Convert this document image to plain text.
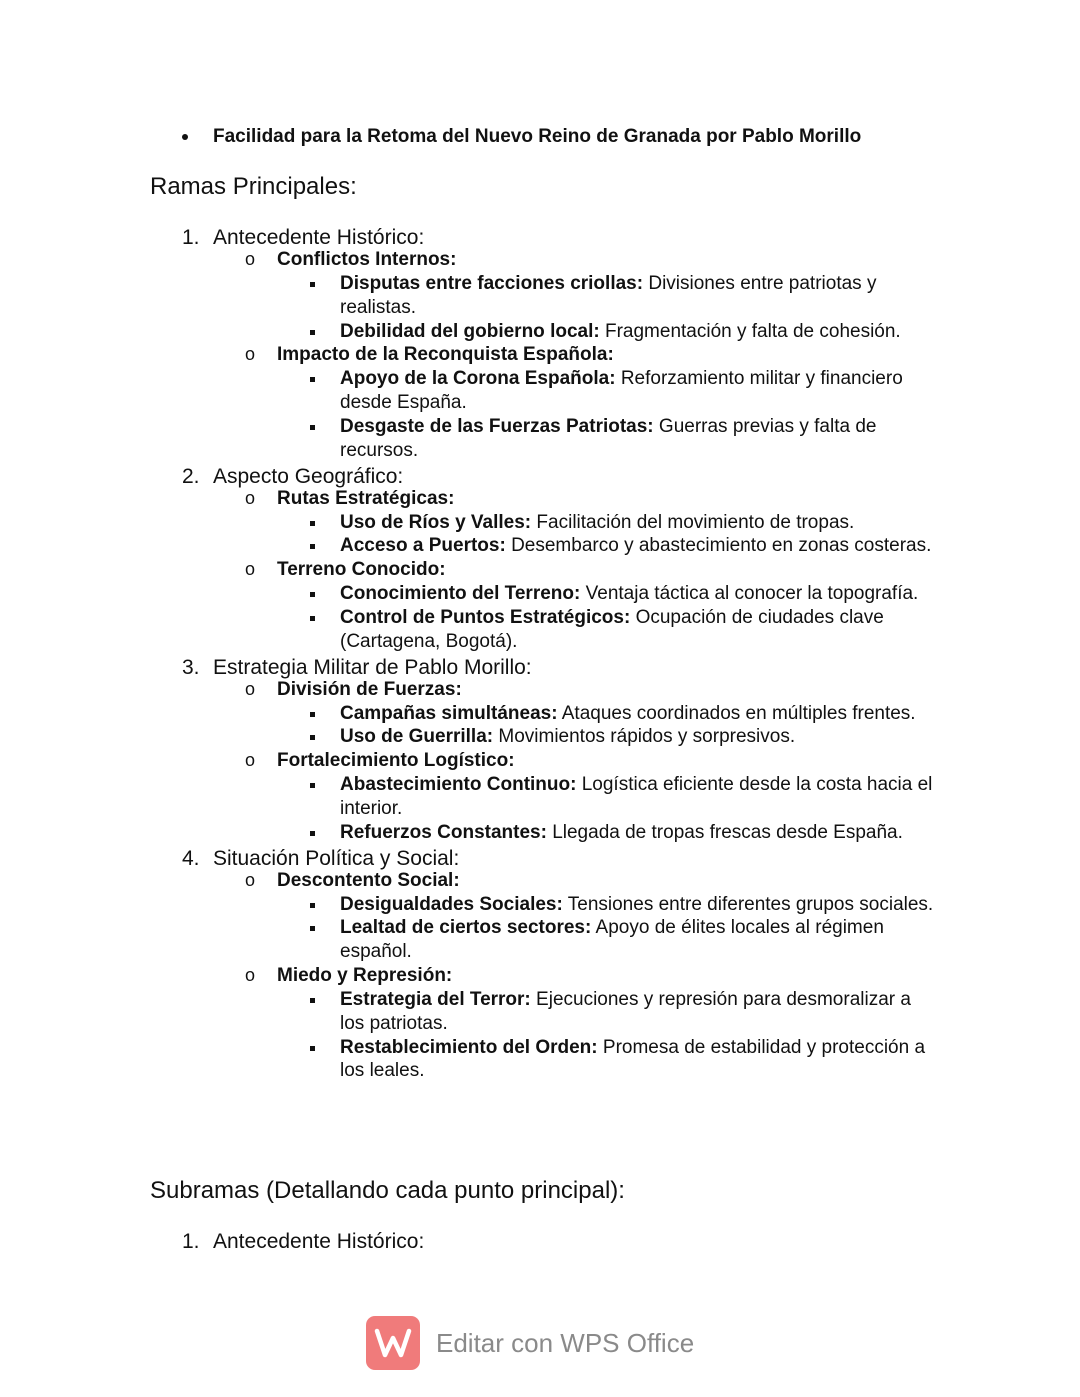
Facilidad para la Retoma del Nuevo Reino de Granada por Pablo Morillo
Ramas Principales:
1. Antecedente Histórico:
o Conflictos Internos:
Disputas entre facciones criollas: Divisiones entre patriotas y realistas.
Debilidad del gobierno local: Fragmentación y falta de cohesión.
o Impacto de la Reconquista Española:
Apoyo de la Corona Española: Reforzamiento militar y financiero desde España.
Desgaste de las Fuerzas Patriotas: Guerras previas y falta de recursos.
2. Aspecto Geográfico:
o Rutas Estratégicas:
Uso de Ríos y Valles: Facilitación del movimiento de tropas.
Acceso a Puertos: Desembarco y abastecimiento en zonas costeras.
o Terreno Conocido:
Conocimiento del Terreno: Ventaja táctica al conocer la topografía.
Control de Puntos Estratégicos: Ocupación de ciudades clave (Cartagena, Bogotá).
3. Estrategia Militar de Pablo Morillo:
o División de Fuerzas:
Campañas simultáneas: Ataques coordinados en múltiples frentes.
Uso de Guerrilla: Movimientos rápidos y sorpresivos.
o Fortalecimiento Logístico:
Abastecimiento Continuo: Logística eficiente desde la costa hacia el interior.
Refuerzos Constantes: Llegada de tropas frescas desde España.
4. Situación Política y Social:
o Descontento Social:
Desigualdades Sociales: Tensiones entre diferentes grupos sociales.
Lealtad de ciertos sectores: Apoyo de élites locales al régimen español.
o Miedo y Represión:
Estrategia del Terror: Ejecuciones y represión para desmoralizar a los patriotas.
Restablecimiento del Orden: Promesa de estabilidad y protección a los leales.
Subramas (Detallando cada punto principal):
1. Antecedente Histórico:
Editar con WPS Office
